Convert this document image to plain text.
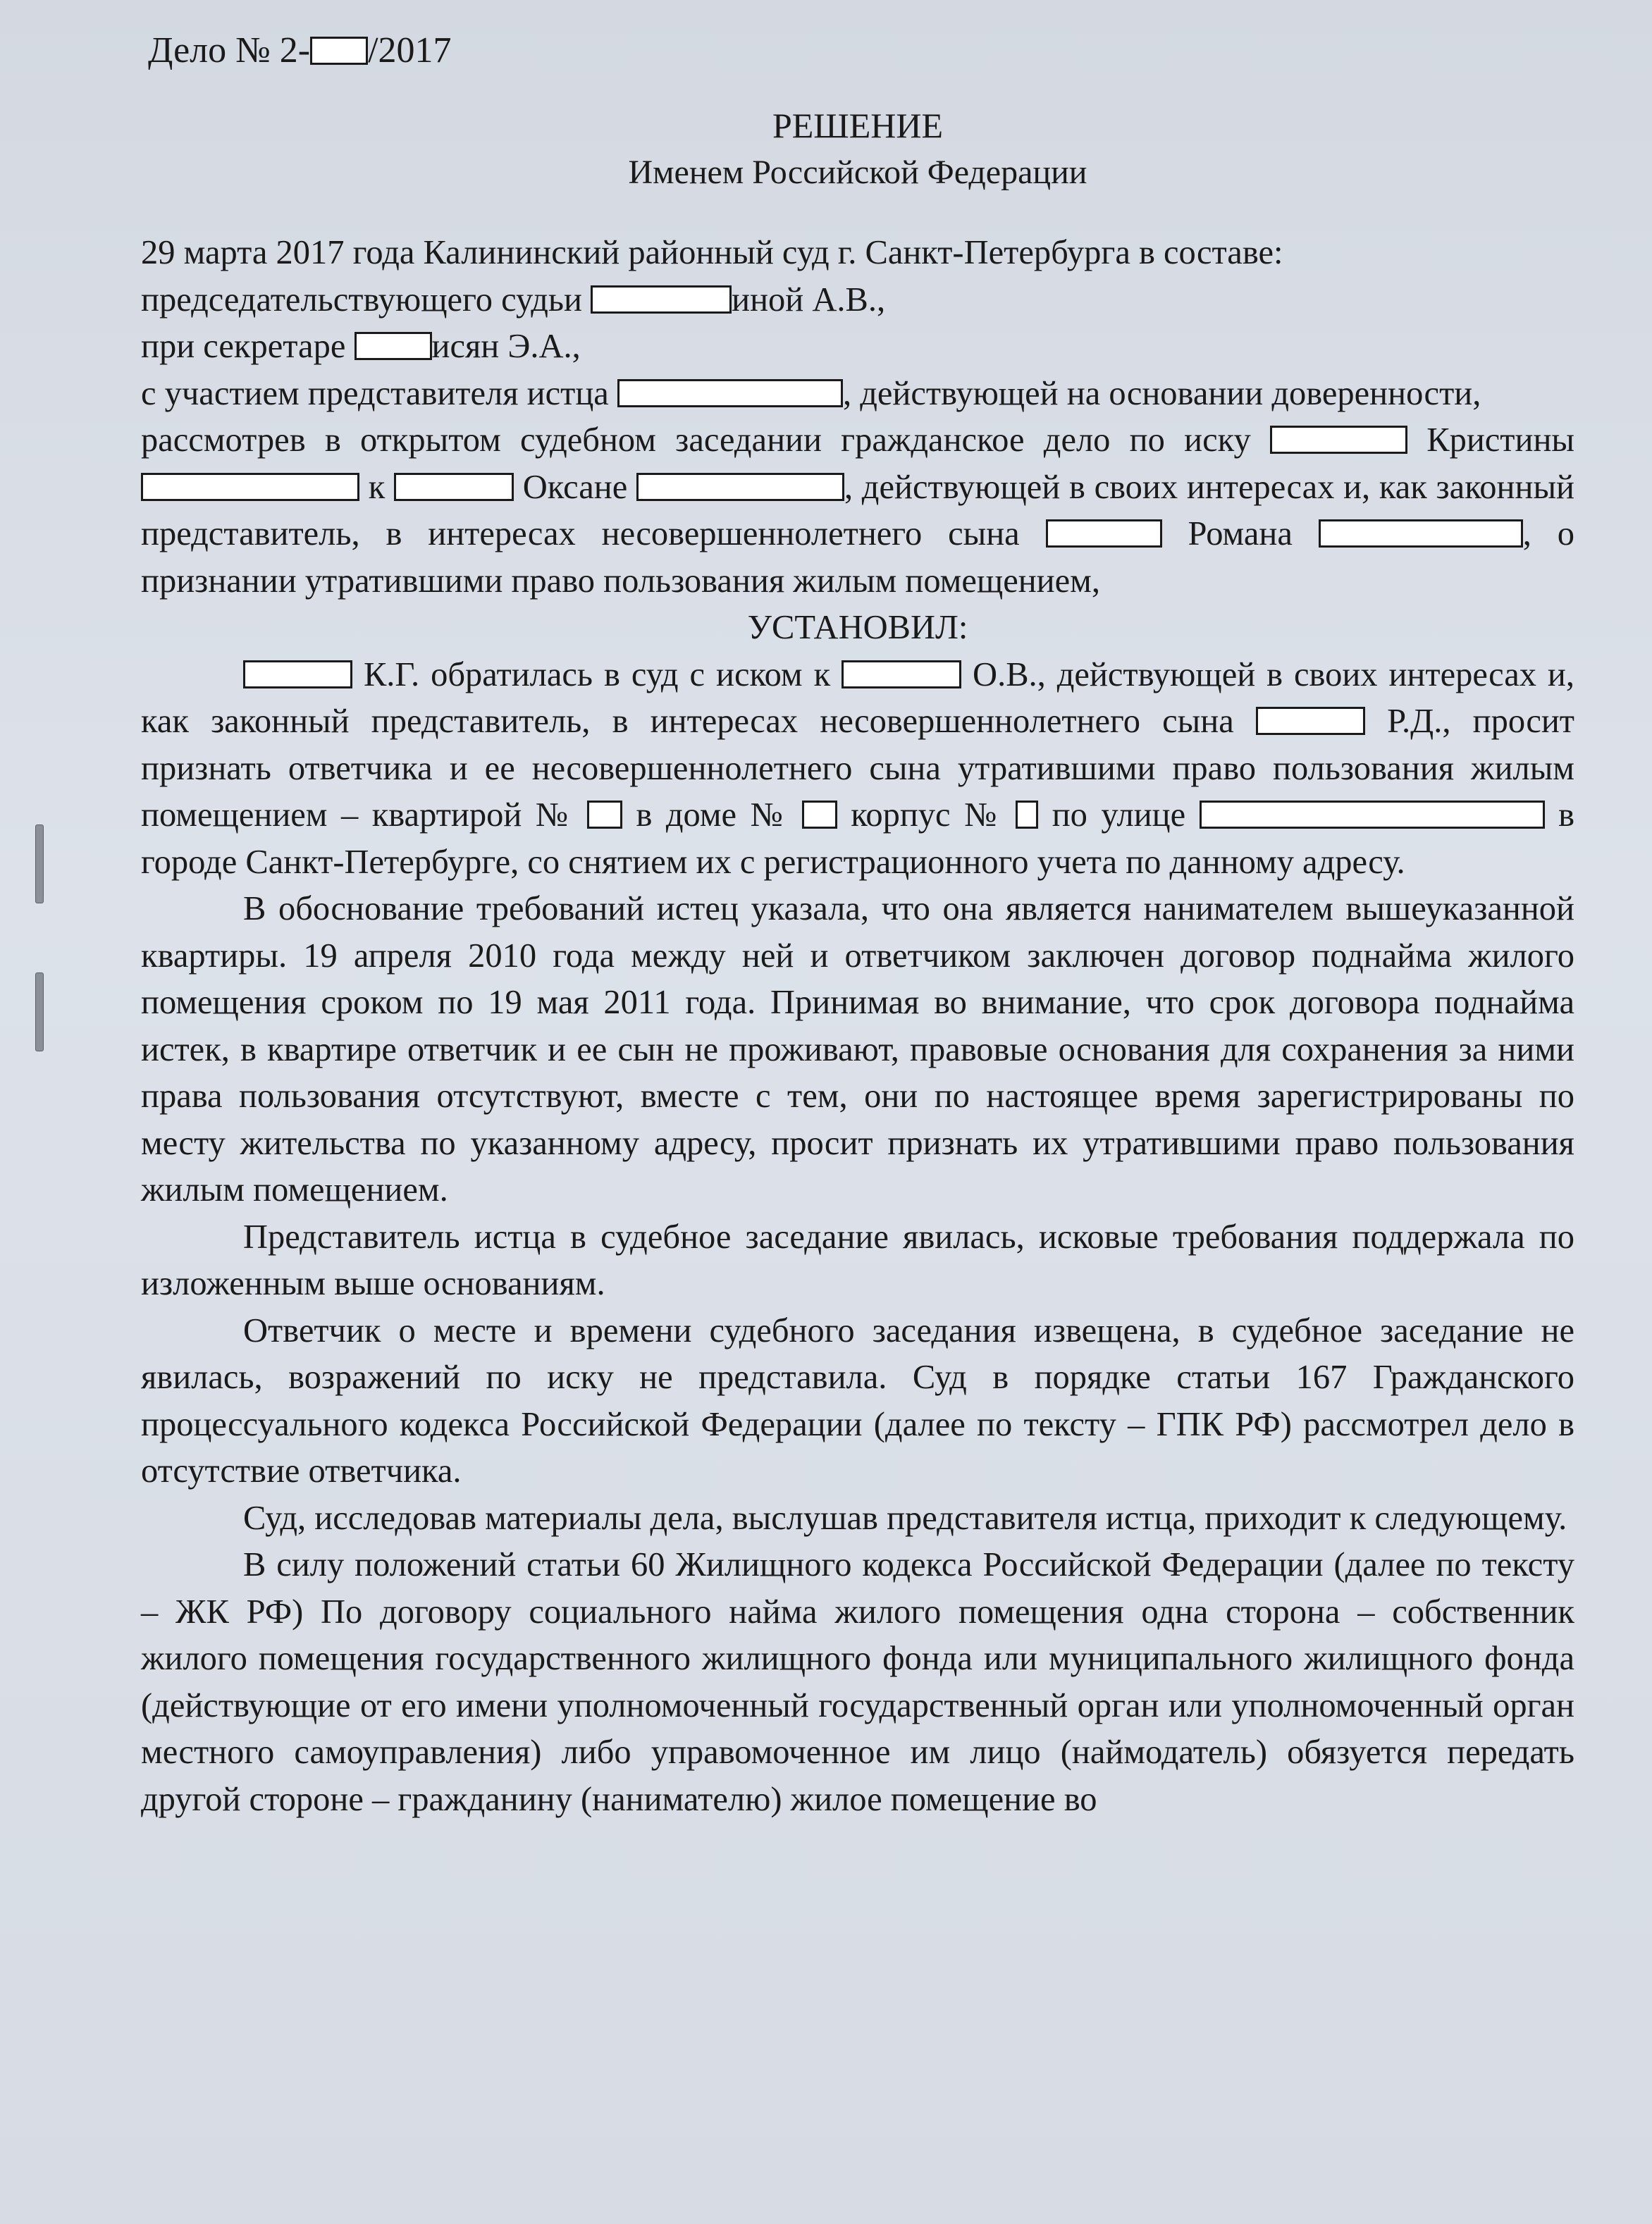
Дело № 2- /2017
РЕШЕНИЕ
Именем Российской Федерации

29 марта 2017 года Калининский районный суд г. Санкт-Петербурга в составе:

председательствующего судьи	иной А.В.,

при секретаре	исян Э.А.,

с участием представителя истца	, действующей на основании доверенности,

рассмотрев в открытом судебном заседании гражданское дело по иску	Кристины  к	Оксане	, действующей в своих интересах и, как законный представитель, в интересах несовершеннолетнего сына	Романа	, о признании утратившими право пользования жилым помещением,

УСТАНОВИЛ:

К.Г. обратилась в суд с иском к	О.В., действующей в своих интересах и, как законный представитель, в интересах несовершеннолетнего сына	Р.Д., просит признать ответчика и ее несовершеннолетнего сына утратившими право пользования жилым помещением – квартирой № в доме № корпус № по улице	в городе Санкт-Петербурге, со снятием их с регистрационного учета по данному адресу.

В обоснование требований истец указала, что она является нанимателем вышеуказанной квартиры. 19 апреля 2010 года между ней и ответчиком заключен договор поднайма жилого помещения сроком по 19 мая 2011 года. Принимая во внимание, что срок договора поднайма истек, в квартире ответчик и ее сын не проживают, правовые основания для сохранения за ними права пользования отсутствуют, вместе с тем, они по настоящее время зарегистрированы по месту жительства по указанному адресу, просит признать их утратившими право пользования жилым помещением.

Представитель истца в судебное заседание явилась, исковые требования поддержала по изложенным выше основаниям.

Ответчик о месте и времени судебного заседания извещена, в судебное заседание не явилась, возражений по иску не представила. Суд в порядке статьи 167 Гражданского процессуального кодекса Российской Федерации (далее по тексту – ГПК РФ) рассмотрел дело в отсутствие ответчика.

Суд, исследовав материалы дела, выслушав представителя истца, приходит к следующему.

В силу положений статьи 60 Жилищного кодекса Российской Федерации (далее по тексту – ЖК РФ) По договору социального найма жилого помещения одна сторона – собственник жилого помещения государственного жилищного фонда или муниципального жилищного фонда (действующие от его имени уполномоченный государственный орган или уполномоченный орган местного самоуправления) либо управомоченное им лицо (наймодатель) обязуется передать другой стороне – гражданину (нанимателю) жилое помещение во
